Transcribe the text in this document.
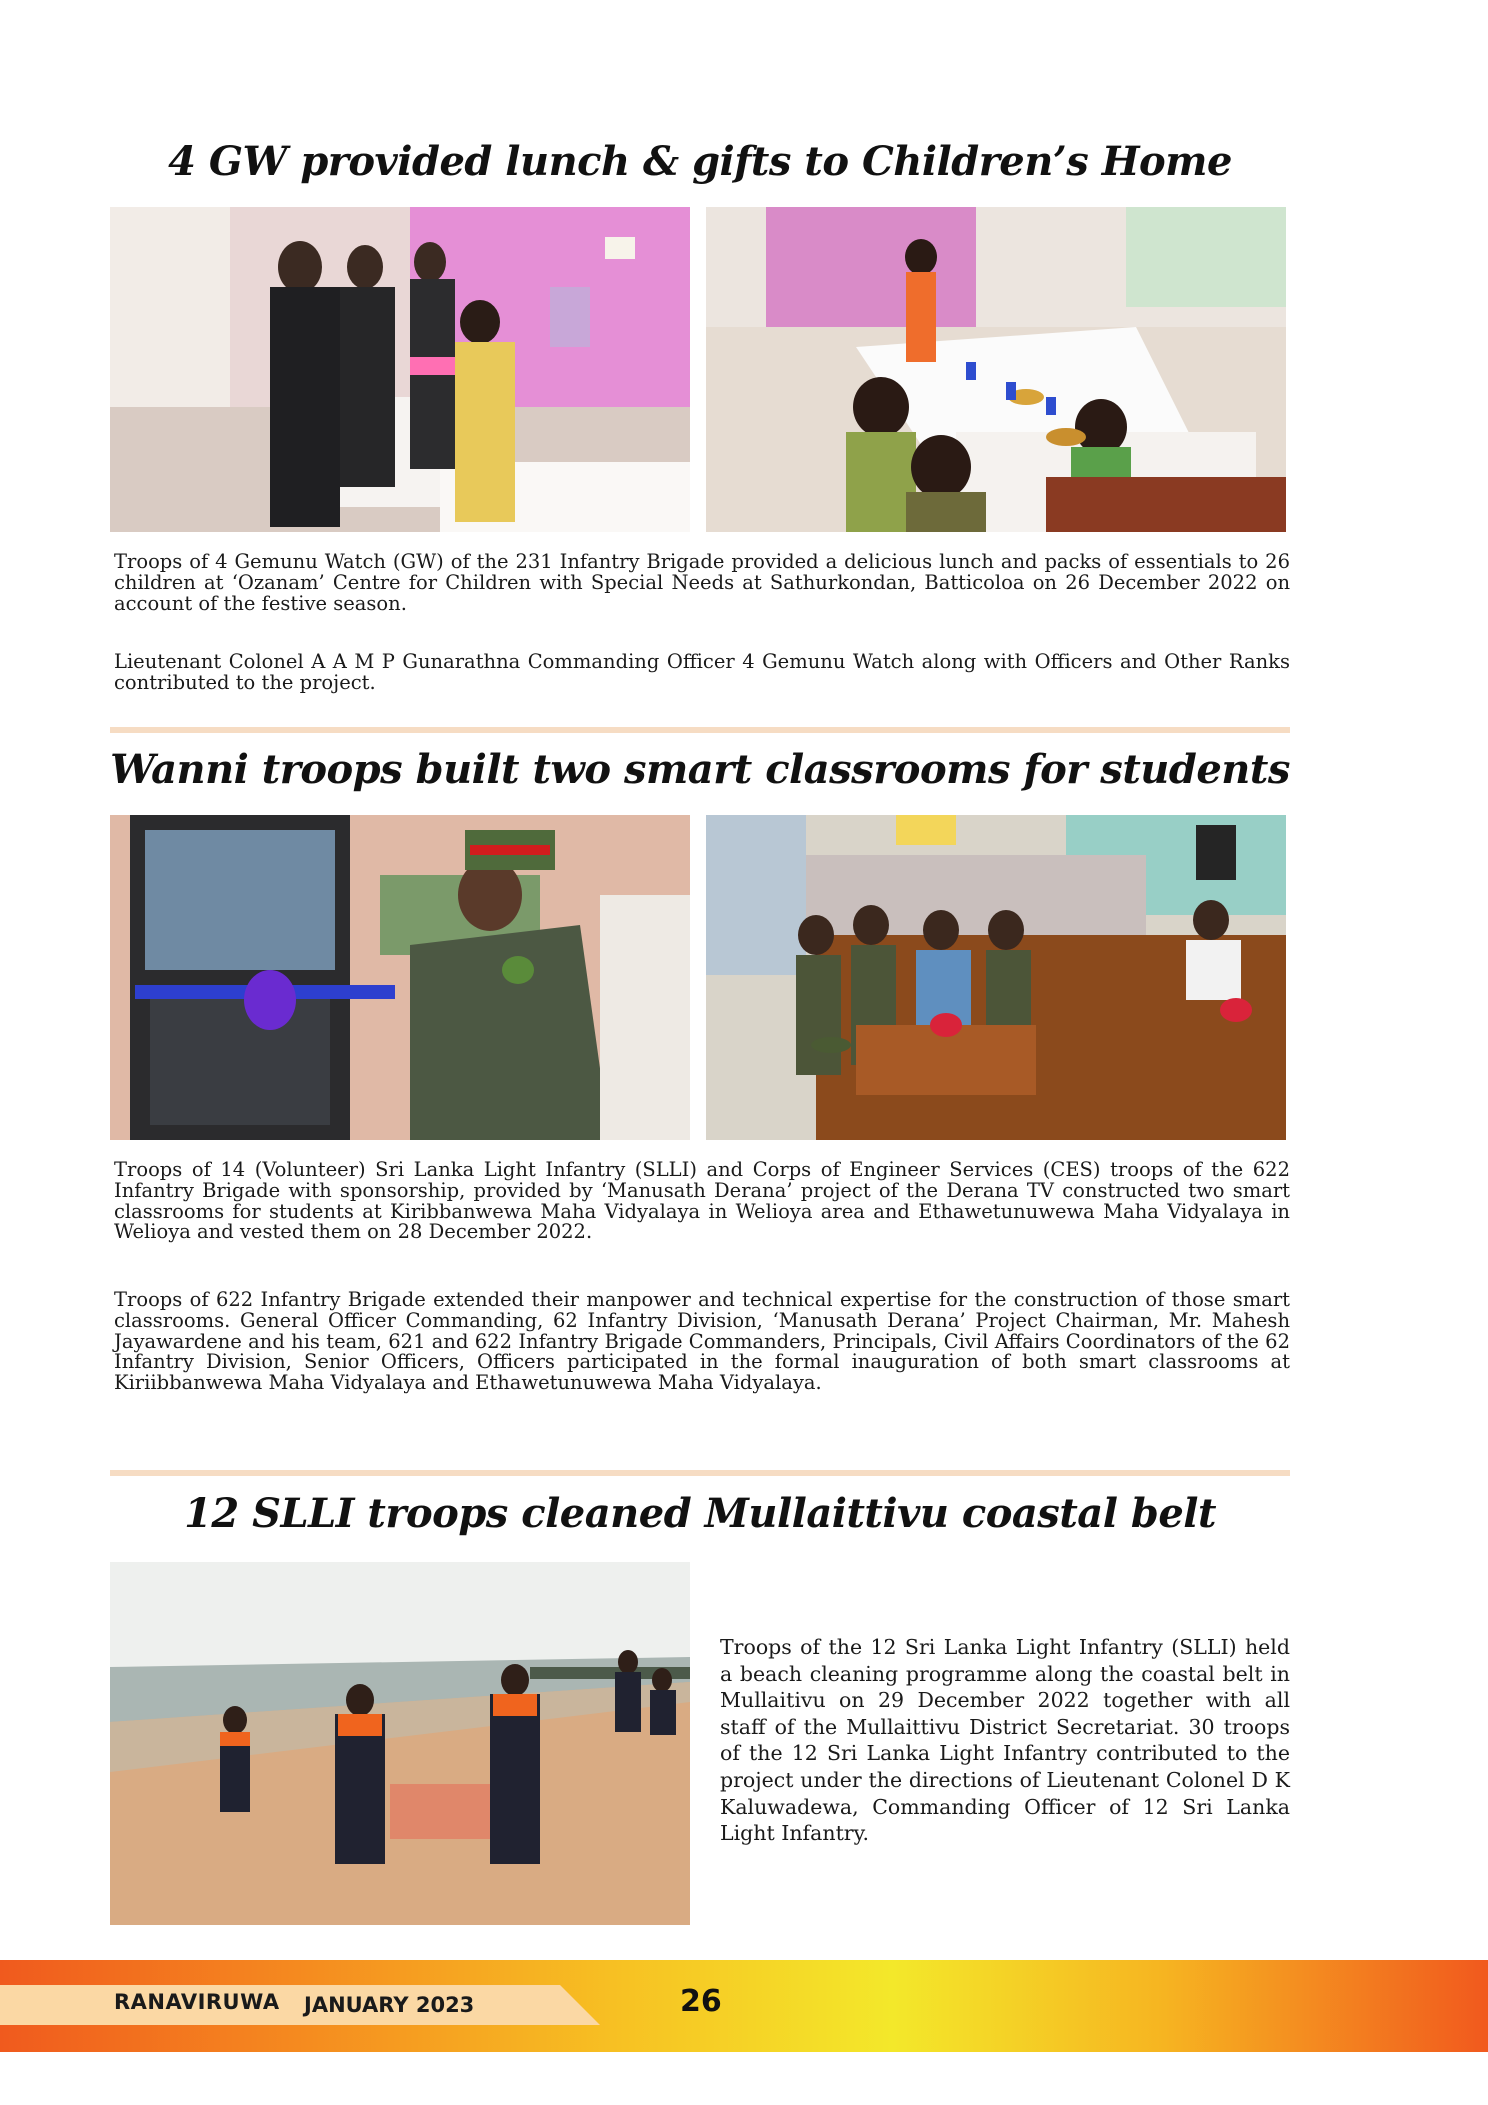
4 GW provided lunch & gifts to Children’s Home

Troops of 4 Gemunu Watch (GW) of the 231 Infantry Brigade provided a delicious lunch and packs of essentials to 26 children at ‘Ozanam’ Centre for Children with Special Needs at Sathurkondan, Batticoloa on 26 December 2022 on account of the festive season.

Lieutenant Colonel A A M P Gunarathna Commanding Officer 4 Gemunu Watch along with Officers and Other Ranks contributed to the project.

Wanni troops built two smart classrooms for students

Troops of 14 (Volunteer) Sri Lanka Light Infantry (SLLI) and Corps of Engineer Services (CES) troops of the 622 Infantry Brigade with sponsorship, provided by ‘Manusath Derana’ project of the Derana TV constructed two smart classrooms for students at Kiribbanwewa Maha Vidyalaya in Welioya area and Ethawetunuwewa Maha Vidyalaya in Welioya and vested them on 28 December 2022.

Troops of 622 Infantry Brigade extended their manpower and technical expertise for the construction of those smart classrooms. General Officer Commanding, 62 Infantry Division, ‘Manusath Derana’ Project Chairman, Mr. Mahesh Jayawardene and his team, 621 and 622 Infantry Brigade Commanders, Principals, Civil Affairs Coordinators of the 62 Infantry Division, Senior Officers, Officers participated in the formal inauguration of both smart classrooms at Kiriibbanwewa Maha Vidyalaya and Ethawetunuwewa Maha Vidyalaya.

12 SLLI troops cleaned Mullaittivu coastal belt

Troops of the 12 Sri Lanka Light Infantry (SLLI) held a beach cleaning programme along the coastal belt in Mullaitivu on 29 December 2022 together with all staff of the Mullaittivu District Secretariat. 30 troops of the 12 Sri Lanka Light Infantry contributed to the project under the directions of Lieutenant Colonel D K Kaluwadewa, Commanding Officer of 12 Sri Lanka Light Infantry.

RANAVIRUWA JANUARY 2023	26
